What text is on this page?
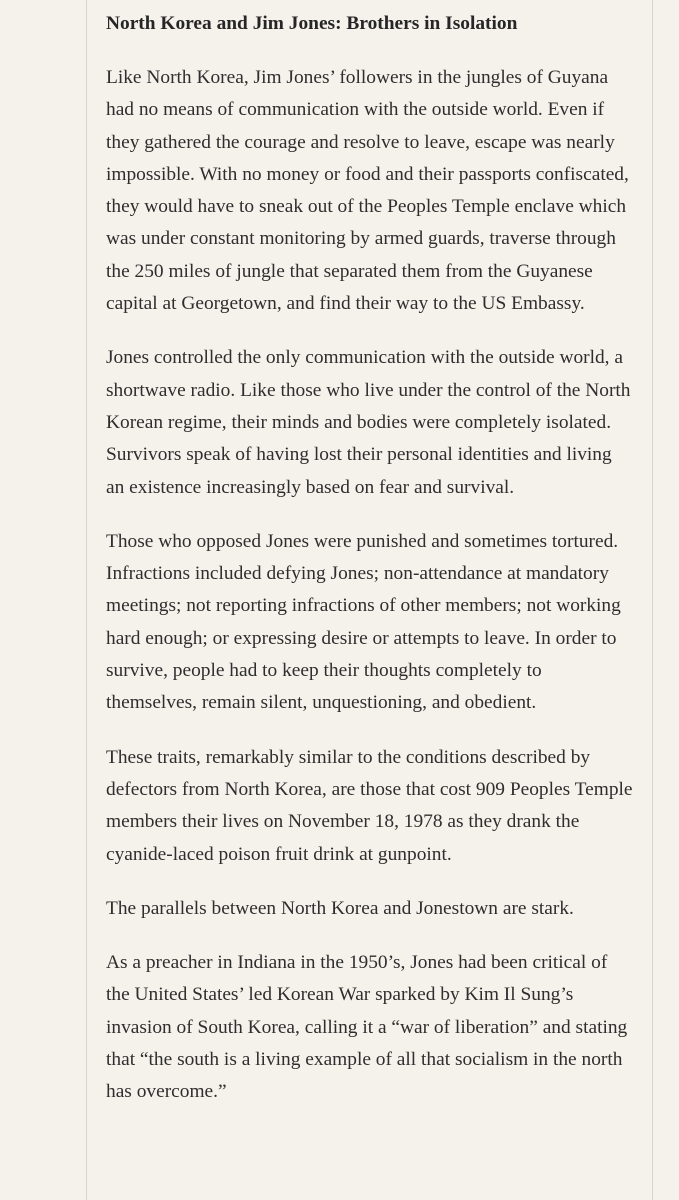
North Korea and Jim Jones: Brothers in Isolation

Like North Korea, Jim Jones’ followers in the jungles of Guyana had no means of communication with the outside world. Even if they gathered the courage and resolve to leave, escape was nearly impossible. With no money or food and their passports confiscated, they would have to sneak out of the Peoples Temple enclave which was under constant monitoring by armed guards, traverse through the 250 miles of jungle that separated them from the Guyanese capital at Georgetown, and find their way to the US Embassy.

Jones controlled the only communication with the outside world, a shortwave radio. Like those who live under the control of the North Korean regime, their minds and bodies were completely isolated. Survivors speak of having lost their personal identities and living an existence increasingly based on fear and survival.

Those who opposed Jones were punished and sometimes tortured. Infractions included defying Jones; non-attendance at mandatory meetings; not reporting infractions of other members; not working hard enough; or expressing desire or attempts to leave. In order to survive, people had to keep their thoughts completely to themselves, remain silent, unquestioning, and obedient.

These traits, remarkably similar to the conditions described by defectors from North Korea, are those that cost 909 Peoples Temple members their lives on November 18, 1978 as they drank the cyanide-laced poison fruit drink at gunpoint.

The parallels between North Korea and Jonestown are stark.

As a preacher in Indiana in the 1950’s, Jones had been critical of the United States’ led Korean War sparked by Kim Il Sung’s invasion of South Korea, calling it a “war of liberation” and stating that “the south is a living example of all that socialism in the north has overcome.”
